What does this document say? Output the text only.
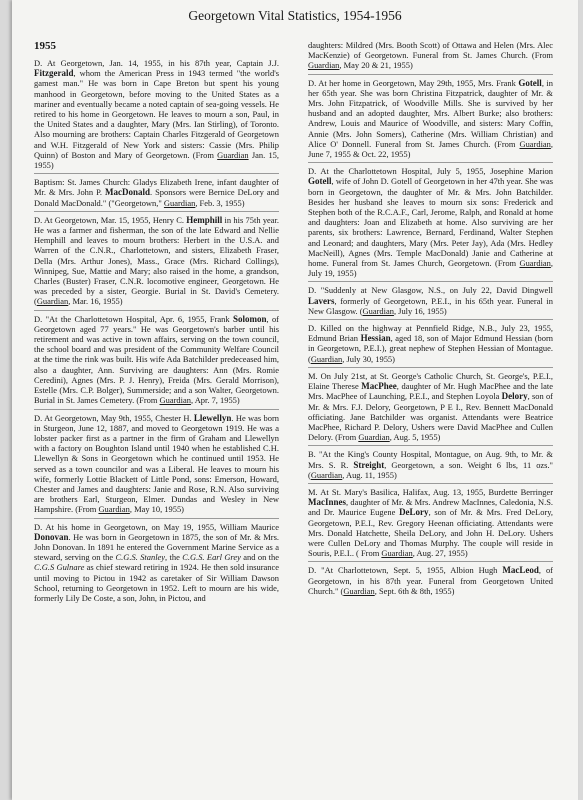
Georgetown Vital Statistics, 1954-1956
1955

D. At Georgetown, Jan. 14, 1955, in his 87th year, Captain J.J. Fitzgerald, whom the American Press in 1943 termed "the world's gamest man." He was born in Cape Breton but spent his young manhood in Georgetown, before moving to the United States as a mariner and eventually became a noted captain of sea-going vessels. He retired to his home in Georgetown. He leaves to mourn a son, Paul, in the United States and a daughter, Mary (Mrs. Ian Stirling), of Toronto. Also mourning are brothers: Captain Charles Fitzgerald of Georgetown and W.H. Fitzgerald of New York and sisters: Cassie (Mrs. Philip Quinn) of Boston and Mary of Georgetown. (From Guardian Jan. 15, 1955)

Baptism: St. James Church: Gladys Elizabeth Irene, infant daughter of Mr. & Mrs. John P. MacDonald. Sponsors were Bernice DeLory and Donald MacDonald." ("Georgetown," Guardian, Feb. 3, 1955)

D. At Georgetown, Mar. 15, 1955, Henry C. Hemphill in his 75th year. He was a farmer and fisherman, the son of the late Edward and Nellie Hemphill and leaves to mourn brothers: Herbert in the U.S.A. and Warren of the C.N.R., Charlottetown, and sisters, Elizabeth Fraser, Della (Mrs. Arthur Jones), Mass., Grace (Mrs. Richard Collings), Winnipeg, Sue, Mattie and Mary; also raised in the home, a grandson, Charles (Buster) Fraser, C.N.R. locomotive engineer, Georgetown. He was preceded by a sister, Georgie. Burial in St. David's Cemetery. (Guardian, Mar. 16, 1955)

D. "At the Charlottetown Hospital, Apr. 6, 1955, Frank Solomon, of Georgetown aged 77 years." He was Georgetown's barber until his retirement and was active in town affairs, serving on the town council, the school board and was president of the Community Welfare Council at the time the rink was built. His wife Ada Batchilder predeceased him, also a daughter, Ann. Surviving are daughters: Ann (Mrs. Romie Ceredini), Agnes (Mrs. P. J. Henry), Freida (Mrs. Gerald Morrison), Estelle (Mrs. C.P. Bolger), Summerside; and a son Walter, Georgetown. Burial in St. James Cemetery. (From Guardian, Apr. 7, 1955)

D. At Georgetown, May 9th, 1955, Chester H. Llewellyn. He was born in Sturgeon, June 12, 1887, and moved to Georgetown 1919. He was a lobster packer first as a partner in the firm of Graham and Llewellyn with a factory on Boughton Island until 1940 when he established C.H. Llewellyn & Sons in Georgetown which he continued until 1953. He served as a town councilor and was a Liberal. He leaves to mourn his wife, formerly Lottie Blackett of Little Pond, sons: Emerson, Howard, Chester and James and daughters: Janie and Rose, R.N. Also surviving are brothers Earl, Sturgeon, Elmer. Dundas and Wesley in New Hampshire. (From Guardian, May 10, 1955)

D. At his home in Georgetown, on May 19, 1955, William Maurice Donovan. He was born in Georgetown in 1875, the son of Mr. & Mrs. John Donovan. In 1891 he entered the Government Marine Service as a steward, serving on the C.G.S. Stanley, the C.G.S. Earl Grey and on the C.G.S Gulnare as chief steward retiring in 1924. He then sold insurance until moving to Pictou in 1942 as caretaker of Sir William Dawson School, returning to Georgetown in 1952. Left to mourn are his wide, formerly Lily De Coste, a son, John, in Pictou, and

daughters: Mildred (Mrs. Booth Scott) of Ottawa and Helen (Mrs. Alec MacKenzie) of Georgetown. Funeral from St. James Church. (From Guardian, May 20 & 21, 1955)

D. At her home in Georgetown, May 29th, 1955, Mrs. Frank Gotell, in her 65th year. She was born Christina Fitzpatrick, daughter of Mr. & Mrs. John Fitzpatrick, of Woodville Mills. She is survived by her husband and an adopted daughter, Mrs. Albert Burke; also brothers: Andrew, Louis and Maurice of Woodville, and sisters: Mary Coffin, Annie (Mrs. John Somers), Catherine (Mrs. William Christian) and Alice O' Donnell. Funeral from St. James Church. (From Guardian, June 7, 1955 & Oct. 22, 1955)

D. At the Charlottetown Hospital, July 5, 1955, Josephine Marion Gotell, wife of John D. Gotell of Georgetown in her 47th year. She was born in Georgetown, the daughter of Mr. & Mrs. John Batchilder. Besides her husband she leaves to mourn six sons: Frederick and Stephen both of the R.C.A.F., Carl, Jerome, Ralph, and Ronald at home and daughters: Joan and Elizabeth at home. Also surviving are her parents, six brothers: Lawrence, Bernard, Ferdinand, Walter Stephen and Leonard; and daughters, Mary (Mrs. Peter Jay), Ada (Mrs. Hedley MacNeill), Agnes (Mrs. Temple MacDonald) Janie and Catherine at home. Funeral from St. James Church, Georgetown. (From Guardian, July 19, 1955)

D. "Suddenly at New Glasgow, N.S., on July 22, David Dingwell Lavers, formerly of Georgetown, P.E.I., in his 65th year. Funeral in New Glasgow. (Guardian, July 16, 1955)

D. Killed on the highway at Pennfield Ridge, N.B., July 23, 1955, Edmund Brian Hessian, aged 18, son of Major Edmund Hessian (born in Georgetown, P.E.I.), great nephew of Stephen Hessian of Montague. (Guardian, July 30, 1955)

M. On July 21st, at St. George's Catholic Church, St. George's, P.E.I., Elaine Therese MacPhee, daughter of Mr. Hugh MacPhee and the late Mrs. MacPhee of Launching, P.E.I., and Stephen Loyola Delory, son of Mr. & Mrs. F.J. Delory, Georgetown, P E I., Rev. Bennett MacDonald officiating. Jane Batchilder was organist. Attendants were Beatrice MacPhee, Richard P. Delory, Ushers were David MacPhee and Cullen Delory. (From Guardian, Aug. 5, 1955)

B. "At the King's County Hospital, Montague, on Aug. 9th, to Mr. & Mrs. S. R. Streight, Georgetown, a son. Weight 6 lbs, 11 ozs." (Guardian, Aug. 11, 1955)

M. At St. Mary's Basilica, Halifax, Aug. 13, 1955, Burdette Berringer MacInnes, daughter of Mr. & Mrs. Andrew MacInnes, Caledonia, N.S. and Dr. Maurice Eugene DeLory, son of Mr. & Mrs. Fred DeLory, Georgetown, P.E.I., Rev. Gregory Heenan officiating. Attendants were Mrs. Donald Hatchette, Sheila DeLory, and John H. DeLory. Ushers were Cullen DeLory and Thomas Murphy. The couple will reside in Souris, P.E.I.. ( From Guardian, Aug. 27, 1955)

D. "At Charlottetown, Sept. 5, 1955, Albion Hugh MacLeod, of Georgetown, in his 87th year. Funeral from Georgetown United Church." (Guardian, Sept. 6th & 8th, 1955)
